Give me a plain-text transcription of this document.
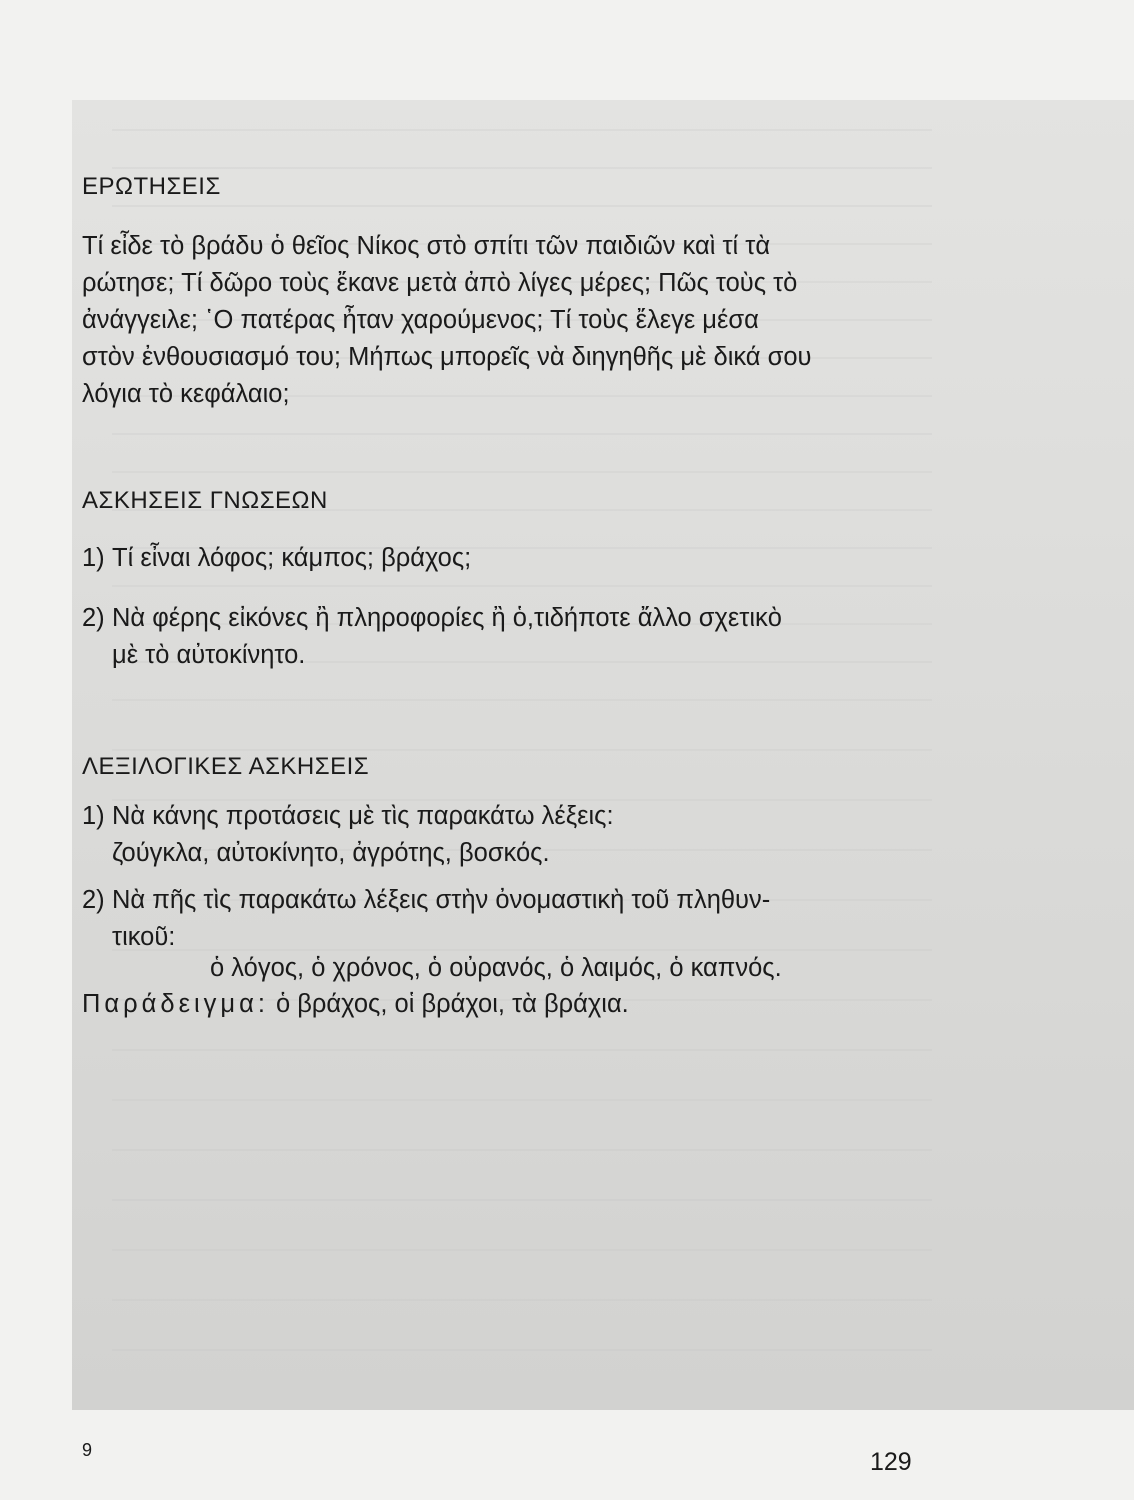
ΕΡΩΤΗΣΕΙΣ
Τί εἶδε τὸ βράδυ ὁ θεῖος Νίκος στὸ σπίτι τῶν παιδιῶν καὶ τί τὰ
ρώτησε; Τί δῶρο τοὺς ἔκανε μετὰ ἀπὸ λίγες μέρες; Πῶς τοὺς τὸ
ἀνάγγειλε; ῾Ο πατέρας ἦταν χαρούμενος; Τί τοὺς ἔλεγε μέσα
στὸν ἐνθουσιασμό του; Μήπως μπορεῖς νὰ διηγηθῆς μὲ δικά σου
λόγια τὸ κεφάλαιο;
ΑΣΚΗΣΕΙΣ ΓΝΩΣΕΩΝ
1) Τί εἶναι λόφος; κάμπος; βράχος;
2) Νὰ φέρης εἰκόνες ἢ πληροφορίες ἢ ὁ,τιδήποτε ἄλλο σχετικὸ
μὲ τὸ αὐτοκίνητο.
ΛΕΞΙΛΟΓΙΚΕΣ ΑΣΚΗΣΕΙΣ
1) Νὰ κάνης προτάσεις μὲ τὶς παρακάτω λέξεις:
ζούγκλα, αὐτοκίνητο, ἀγρότης, βοσκός.
2) Νὰ πῆς τὶς παρακάτω λέξεις στὴν ὀνομαστικὴ τοῦ πληθυν-
τικοῦ:
ὁ λόγος, ὁ χρόνος, ὁ οὐρανός, ὁ λαιμός, ὁ καπνός.
Παράδειγμα: ὁ βράχος, οἱ βράχοι, τὰ βράχια.
9	129
